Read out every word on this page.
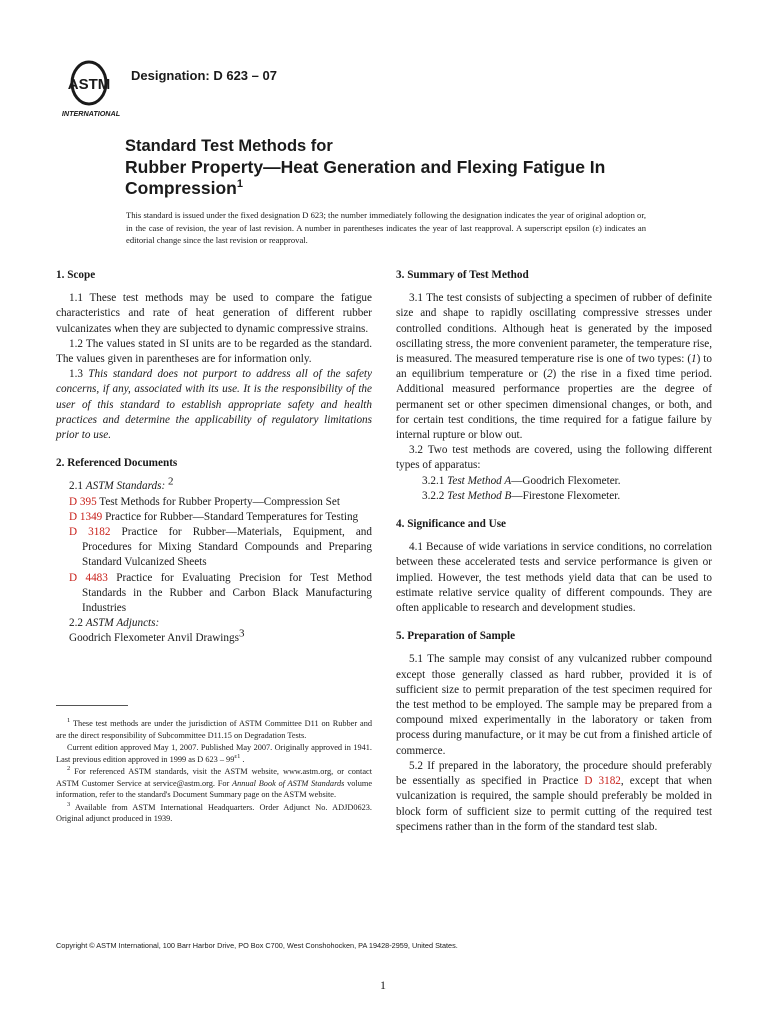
ASTM
INTERNATIONAL
Designation: D 623 – 07
Standard Test Methods for
Rubber Property—Heat Generation and Flexing Fatigue In
Compression$^1$
This standard is issued under the fixed designation D 623; the number immediately following the designation indicates the year of original adoption or, in the case of revision, the year of last revision. A number in parentheses indicates the year of last reapproval. A superscript epsilon (ε) indicates an editorial change since the last revision or reapproval.

1. Scope

1.1 These test methods may be used to compare the fatigue characteristics and rate of heat generation of different rubber vulcanizates when they are subjected to dynamic compressive strains.

1.2 The values stated in SI units are to be regarded as the standard. The values given in parentheses are for information only.

1.3 This standard does not purport to address all of the safety concerns, if any, associated with its use. It is the responsibility of the user of this standard to establish appropriate safety and health practices and determine the applicability of regulatory limitations prior to use.

2. Referenced Documents

2.1 ASTM Standards: 2

D 395 Test Methods for Rubber Property—Compression Set

D 1349 Practice for Rubber—Standard Temperatures for Testing

D 3182 Practice for Rubber—Materials, Equipment, and Procedures for Mixing Standard Compounds and Preparing Standard Vulcanized Sheets

D 4483 Practice for Evaluating Precision for Test Method Standards in the Rubber and Carbon Black Manufacturing Industries

2.2 ASTM Adjuncts:

Goodrich Flexometer Anvil Drawings3

3. Summary of Test Method

3.1 The test consists of subjecting a specimen of rubber of definite size and shape to rapidly oscillating compressive stresses under controlled conditions. Although heat is generated by the imposed oscillating stress, the more convenient parameter, the temperature rise, is measured. The measured temperature rise is one of two types: (1) to an equilibrium temperature or (2) the rise in a fixed time period. Additional measured performance properties are the degree of permanent set or other specimen dimensional changes, or both, and for certain test conditions, the time required for a fatigue failure by internal rupture or blow out.

3.2 Two test methods are covered, using the following different types of apparatus:

3.2.1 Test Method A—Goodrich Flexometer.

3.2.2 Test Method B—Firestone Flexometer.

4. Significance and Use

4.1 Because of wide variations in service conditions, no correlation between these accelerated tests and service performance is given or implied. However, the test methods yield data that can be used to estimate relative service quality of different compounds. They are often applicable to research and development studies.

5. Preparation of Sample

5.1 The sample may consist of any vulcanized rubber compound except those generally classed as hard rubber, provided it is of sufficient size to permit preparation of the test specimen required for the test method to be employed. The sample may be prepared from a compound mixed experimentally in the laboratory or taken from process during manufacture, or it may be cut from a finished article of commerce.

5.2 If prepared in the laboratory, the procedure should preferably be essentially as specified in Practice D 3182, except that when vulcanization is required, the sample should preferably be molded in block form of sufficient size to permit cutting of the required test specimens rather than in the form of the standard test slab.

$^1$ These test methods are under the jurisdiction of ASTM Committee D11 on Rubber and are the direct responsibility of Subcommittee D11.15 on Degradation Tests.

Current edition approved May 1, 2007. Published May 2007. Originally approved in 1941. Last previous edition approved in 1999 as D $623 - 99^{\varepsilon 1}$ .

$^2$ For referenced ASTM standards, visit the ASTM website, www.astm.org, or contact ASTM Customer Service at service@astm.org. For Annual Book of ASTM Standards volume information, refer to the standard's Document Summary page on the ASTM website.

$^3$ Available from ASTM International Headquarters. Order Adjunct No. ADJD0623. Original adjunct produced in 1939.

Copyright © ASTM International, 100 Barr Harbor Drive, PO Box C700, West Conshohocken, PA 19428-2959, United States.
1
